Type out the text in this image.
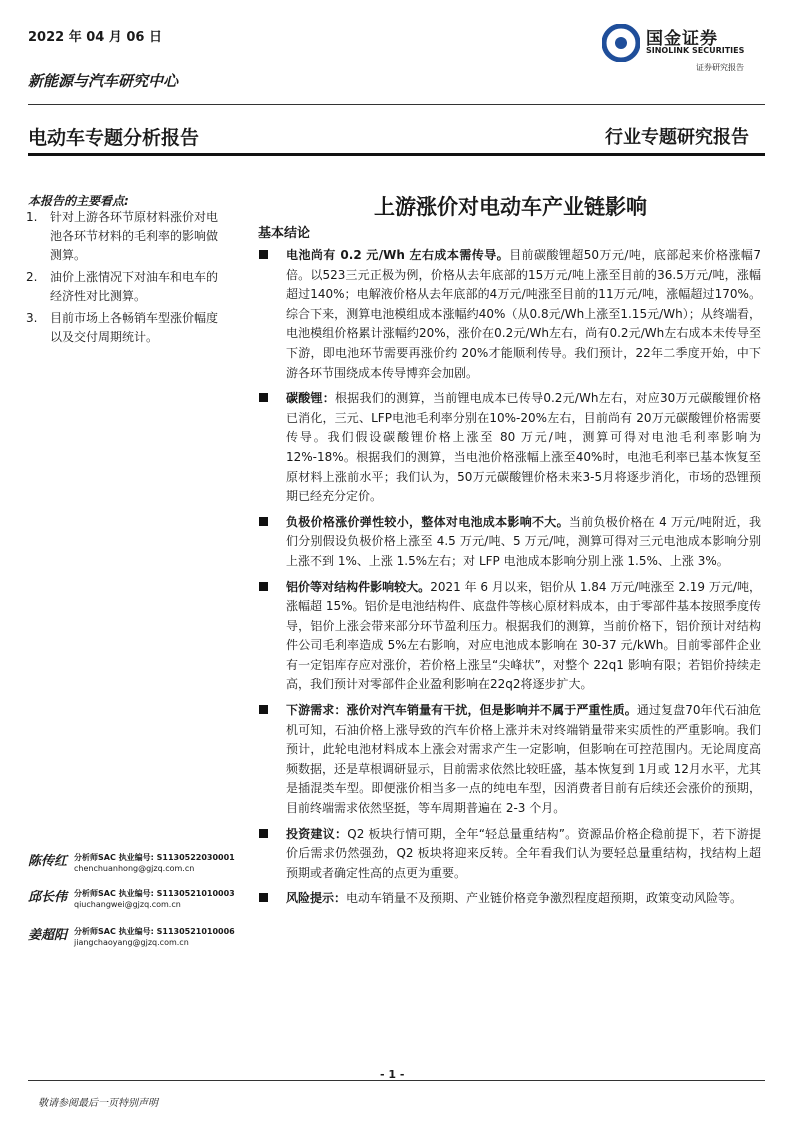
2022 年 04 月 06 日
新能源与汽车研究中心
电动车专题分析报告	行业专题研究报告
国金证券
SINOLINK SECURITIES
证券研究报告
本报告的主要看点:
1. 针对上游各环节原材料涨价对电池各环节材料的毛利率的影响做测算。
2. 油价上涨情况下对油车和电车的经济性对比测算。
3. 目前市场上各畅销车型涨价幅度以及交付周期统计。
上游涨价对电动车产业链影响
基本结论
电池尚有 0.2 元/Wh 左右成本需传导。目前碳酸锂超50万元/吨，底部起来价格涨幅7倍。以523三元正极为例，价格从去年底部的15万元/吨上涨至目前的36.5万元/吨，涨幅超过140%；电解液价格从去年底部的4万元/吨涨至目前的11万元/吨，涨幅超过170%。综合下来，测算电池模组成本涨幅约40%（从0.8元/Wh上涨至1.15元/Wh）；从终端看，电池模组价格累计涨幅约20%，涨价在0.2元/Wh左右，尚有0.2元/Wh左右成本未传导至下游，即电池环节需要再涨价约 20%才能顺利传导。我们预计，22年二季度开始，中下游各环节围绕成本传导博弈会加剧。
碳酸锂：根据我们的测算，当前锂电成本已传导0.2元/Wh左右，对应30万元碳酸锂价格已消化，三元、LFP电池毛利率分别在10%-20%左右，目前尚有 20万元碳酸锂价格需要传导。我们假设碳酸锂价格上涨至 80 万元/吨，测算可得对电池毛利率影响为 12%-18%。根据我们的测算，当电池价格涨幅上涨至40%时，电池毛利率已基本恢复至原材料上涨前水平；我们认为，50万元碳酸锂价格未来3-5月将逐步消化，市场的恐锂预期已经充分定价。
负极价格涨价弹性较小，整体对电池成本影响不大。当前负极价格在 4 万元/吨附近，我们分别假设负极价格上涨至 4.5 万元/吨、5 万元/吨，测算可得对三元电池成本影响分别上涨不到 1%、上涨 1.5%左右；对 LFP 电池成本影响分别上涨 1.5%、上涨 3%。
铝价等对结构件影响较大。2021 年 6 月以来，铝价从 1.84 万元/吨涨至 2.19 万元/吨，涨幅超 15%。铝价是电池结构件、底盘件等核心原材料成本，由于零部件基本按照季度传导，铝价上涨会带来部分环节盈利压力。根据我们的测算，当前价格下，铝价预计对结构件公司毛利率造成 5%左右影响，对应电池成本影响在 30-37 元/kWh。目前零部件企业有一定铝库存应对涨价，若价格上涨呈“尖峰状”，对整个 22q1 影响有限；若铝价持续走高，我们预计对零部件企业盈利影响在22q2将逐步扩大。
下游需求：涨价对汽车销量有干扰，但是影响并不属于严重性质。通过复盘70年代石油危机可知，石油价格上涨导致的汽车价格上涨并未对终端销量带来实质性的严重影响。我们预计，此轮电池材料成本上涨会对需求产生一定影响，但影响在可控范围内。无论周度高频数据，还是草根调研显示，目前需求依然比较旺盛，基本恢复到 1月或 12月水平，尤其是插混类车型。即便涨价相当多一点的纯电车型，因消费者目前有后续还会涨价的预期，目前终端需求依然坚挺，等车周期普遍在 2-3 个月。
投资建议：Q2 板块行情可期，全年“轻总量重结构”。资源品价格企稳前提下，若下游提价后需求仍然强劲，Q2 板块将迎来反转。全年看我们认为要轻总量重结构，找结构上超预期或者确定性高的点更为重要。
风险提示：电动车销量不及预期、产业链价格竞争激烈程度超预期，政策变动风险等。
陈传红 分析师SAC 执业编号: S1130522030001
chenchuanhong@gjzq.com.cn
邱长伟 分析师SAC 执业编号: S1130521010003
qiuchangwei@gjzq.com.cn
姜超阳 分析师SAC 执业编号: S1130521010006
jiangchaoyang@gjzq.com.cn
- 1 -
敬请参阅最后一页特别声明
